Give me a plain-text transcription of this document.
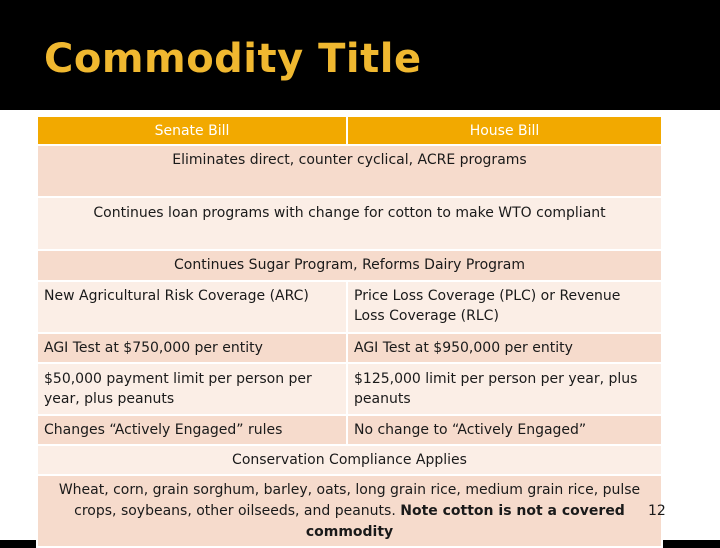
Commodity Title
Senate Bill	House Bill
Eliminates direct, counter cyclical, ACRE programs	
Continues loan programs with change for cotton to make WTO compliant	
Continues Sugar Program, Reforms Dairy Program	
New Agricultural Risk Coverage (ARC)	Price Loss Coverage (PLC) or Revenue Loss Coverage (RLC)
AGI Test at $750,000 per entity	AGI Test at $950,000 per entity
$50,000 payment limit per person per year, plus peanuts	$125,000 limit per person per year, plus peanuts
Changes “Actively Engaged” rules	No change to “Actively Engaged”
Conservation Compliance Applies	
Wheat, corn, grain sorghum, barley, oats, long grain rice, medium grain rice, pulse crops, soybeans, other oilseeds, and peanuts. Note cotton is not a covered commodity	
12
